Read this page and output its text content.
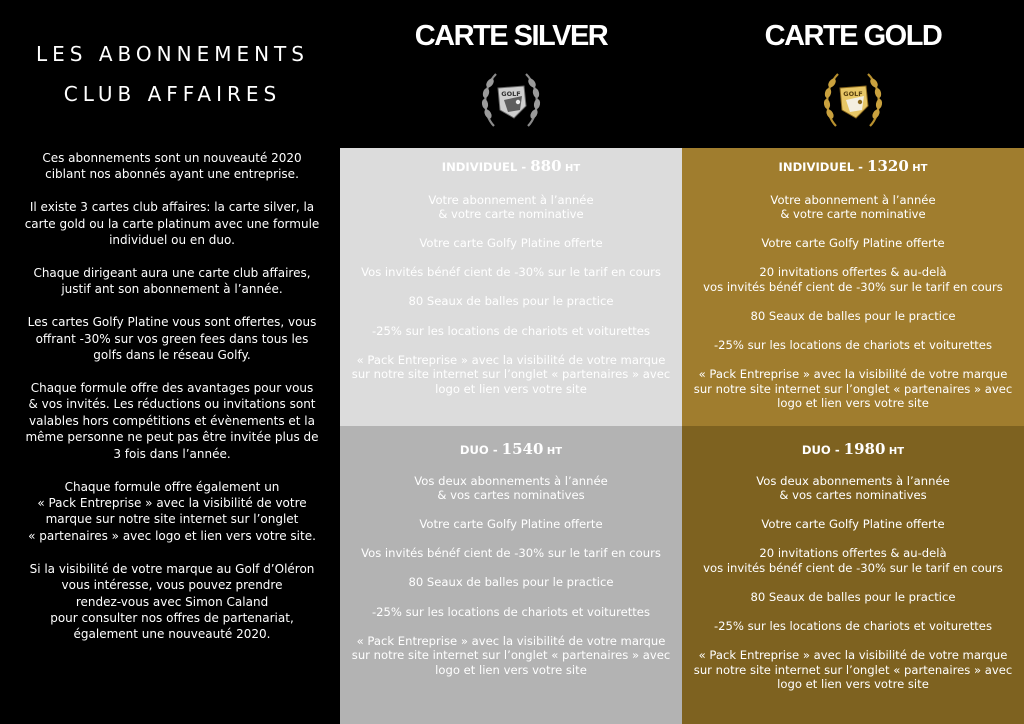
LES ABONNEMENTS
CLUB AFFAIRES

Ces abonnements sont un nouveauté 2020
ciblant nos abonnés ayant une entreprise.

Il existe 3 cartes club affaires: la carte silver, la
carte gold ou la carte platinum avec une formule
individuel ou en duo.

Chaque dirigeant aura une carte club affaires,
justif ant son abonnement à l’année.

Les cartes Golfy Platine vous sont offertes, vous
offrant -30% sur vos green fees dans tous les
golfs dans le réseau Golfy.

Chaque formule offre des avantages pour vous
& vos invités. Les réductions ou invitations sont
valables hors compétitions et évènements et la
même personne ne peut pas être invitée plus de
3 fois dans l’année.

Chaque formule offre également un
« Pack Entreprise » avec la visibilité de votre
marque sur notre site internet sur l’onglet
« partenaires » avec logo et lien vers votre site.

Si la visibilité de votre marque au Golf d’Oléron
vous intéresse, vous pouvez prendre
rendez-vous avec Simon Caland
pour consulter nos offres de partenariat,
également une nouveauté 2020.

CARTE SILVER
GOLF
CARTE GOLD
GOLF

INDIVIDUEL - 880 HT

Votre abonnement à l’année
& votre carte nominative

Votre carte Golfy Platine offerte

Vos invités bénéf cient de -30% sur le tarif en cours

80 Seaux de balles pour le practice

-25% sur les locations de chariots et voiturettes

« Pack Entreprise » avec la visibilité de votre marque
sur notre site internet sur l’onglet « partenaires » avec
logo et lien vers votre site

DUO - 1540 HT

Vos deux abonnements à l’année
& vos cartes nominatives

Votre carte Golfy Platine offerte

Vos invités bénéf cient de -30% sur le tarif en cours

80 Seaux de balles pour le practice

-25% sur les locations de chariots et voiturettes

« Pack Entreprise » avec la visibilité de votre marque
sur notre site internet sur l’onglet « partenaires » avec
logo et lien vers votre site

INDIVIDUEL - 1320 HT

Votre abonnement à l’année
& votre carte nominative

Votre carte Golfy Platine offerte

20 invitations offertes & au-delà
vos invités bénéf cient de -30% sur le tarif en cours

80 Seaux de balles pour le practice

-25% sur les locations de chariots et voiturettes

« Pack Entreprise » avec la visibilité de votre marque
sur notre site internet sur l’onglet « partenaires » avec
logo et lien vers votre site

DUO - 1980 HT

Vos deux abonnements à l’année
& vos cartes nominatives

Votre carte Golfy Platine offerte

20 invitations offertes & au-delà
vos invités bénéf cient de -30% sur le tarif en cours

80 Seaux de balles pour le practice

-25% sur les locations de chariots et voiturettes

« Pack Entreprise » avec la visibilité de votre marque
sur notre site internet sur l’onglet « partenaires » avec
logo et lien vers votre site
